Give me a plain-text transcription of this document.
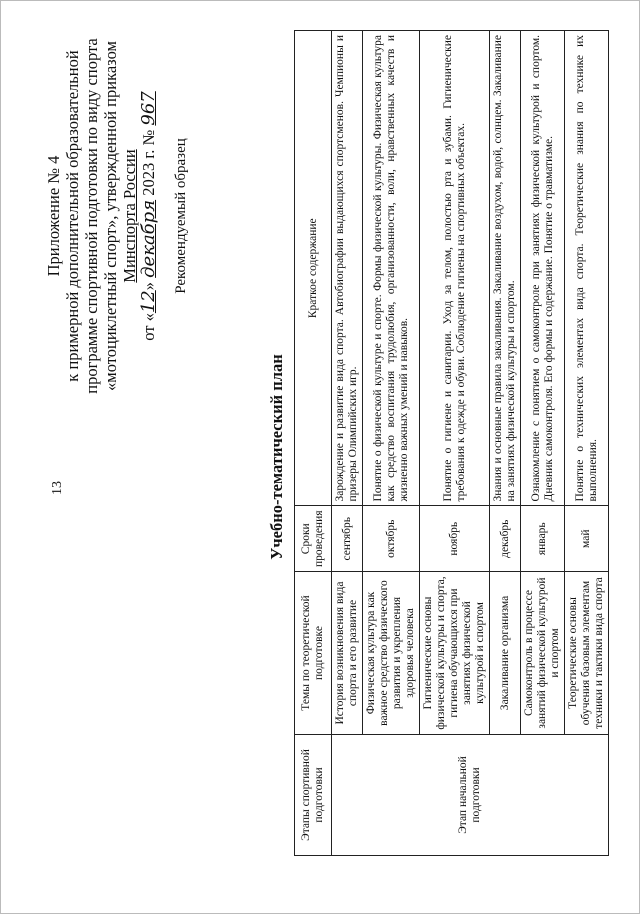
13
Приложение № 4 к примерной дополнительной образовательной программе спортивной подготовки по виду спорта «мотоциклетный спорт», утвержденной приказом Минспорта России
от «12» декабря 2023 г. № 967
Рекомендуемый образец
Учебно-тематический план
Этапы спортивной подготовки	Темы по теоретической подготовке	Сроки проведения	Краткое содержание
Этап начальной подготовки	История возникновения вида спорта и его развитие	сентябрь	Зарождение и развитие вида спорта. Автобиографии выдающихся спортсменов. Чемпионы и призеры Олимпийских игр.
	Физическая культура как важное средство физического развития и укрепления здоровья человека	октябрь	Понятие о физической культуре и спорте. Формы физической культуры. Физическая культура как средство воспитания трудолюбия, организованности, воли, нравственных качеств и жизненно важных умений и навыков.
	Гигиенические основы физической культуры и спорта, гигиена обучающихся при занятиях физической культурой и спортом	ноябрь	Понятие о гигиене и санитарии. Уход за телом, полостью рта и зубами. Гигиенические требования к одежде и обуви. Соблюдение гигиены на спортивных объектах.
	Закаливание организма	декабрь	Знания и основные правила закаливания. Закаливание воздухом, водой, солнцем. Закаливание на занятиях физической культуры и спортом.
	Самоконтроль в процессе занятий физической культурой и спортом	январь	Ознакомление с понятием о самоконтроле при занятиях физической культурой и спортом. Дневник самоконтроля. Его формы и содержание. Понятие о травматизме.
	Теоретические основы обучения базовым элементам техники и тактики вида спорта	май	Понятие о технических элементах вида спорта. Теоретические знания по технике их выполнения.
